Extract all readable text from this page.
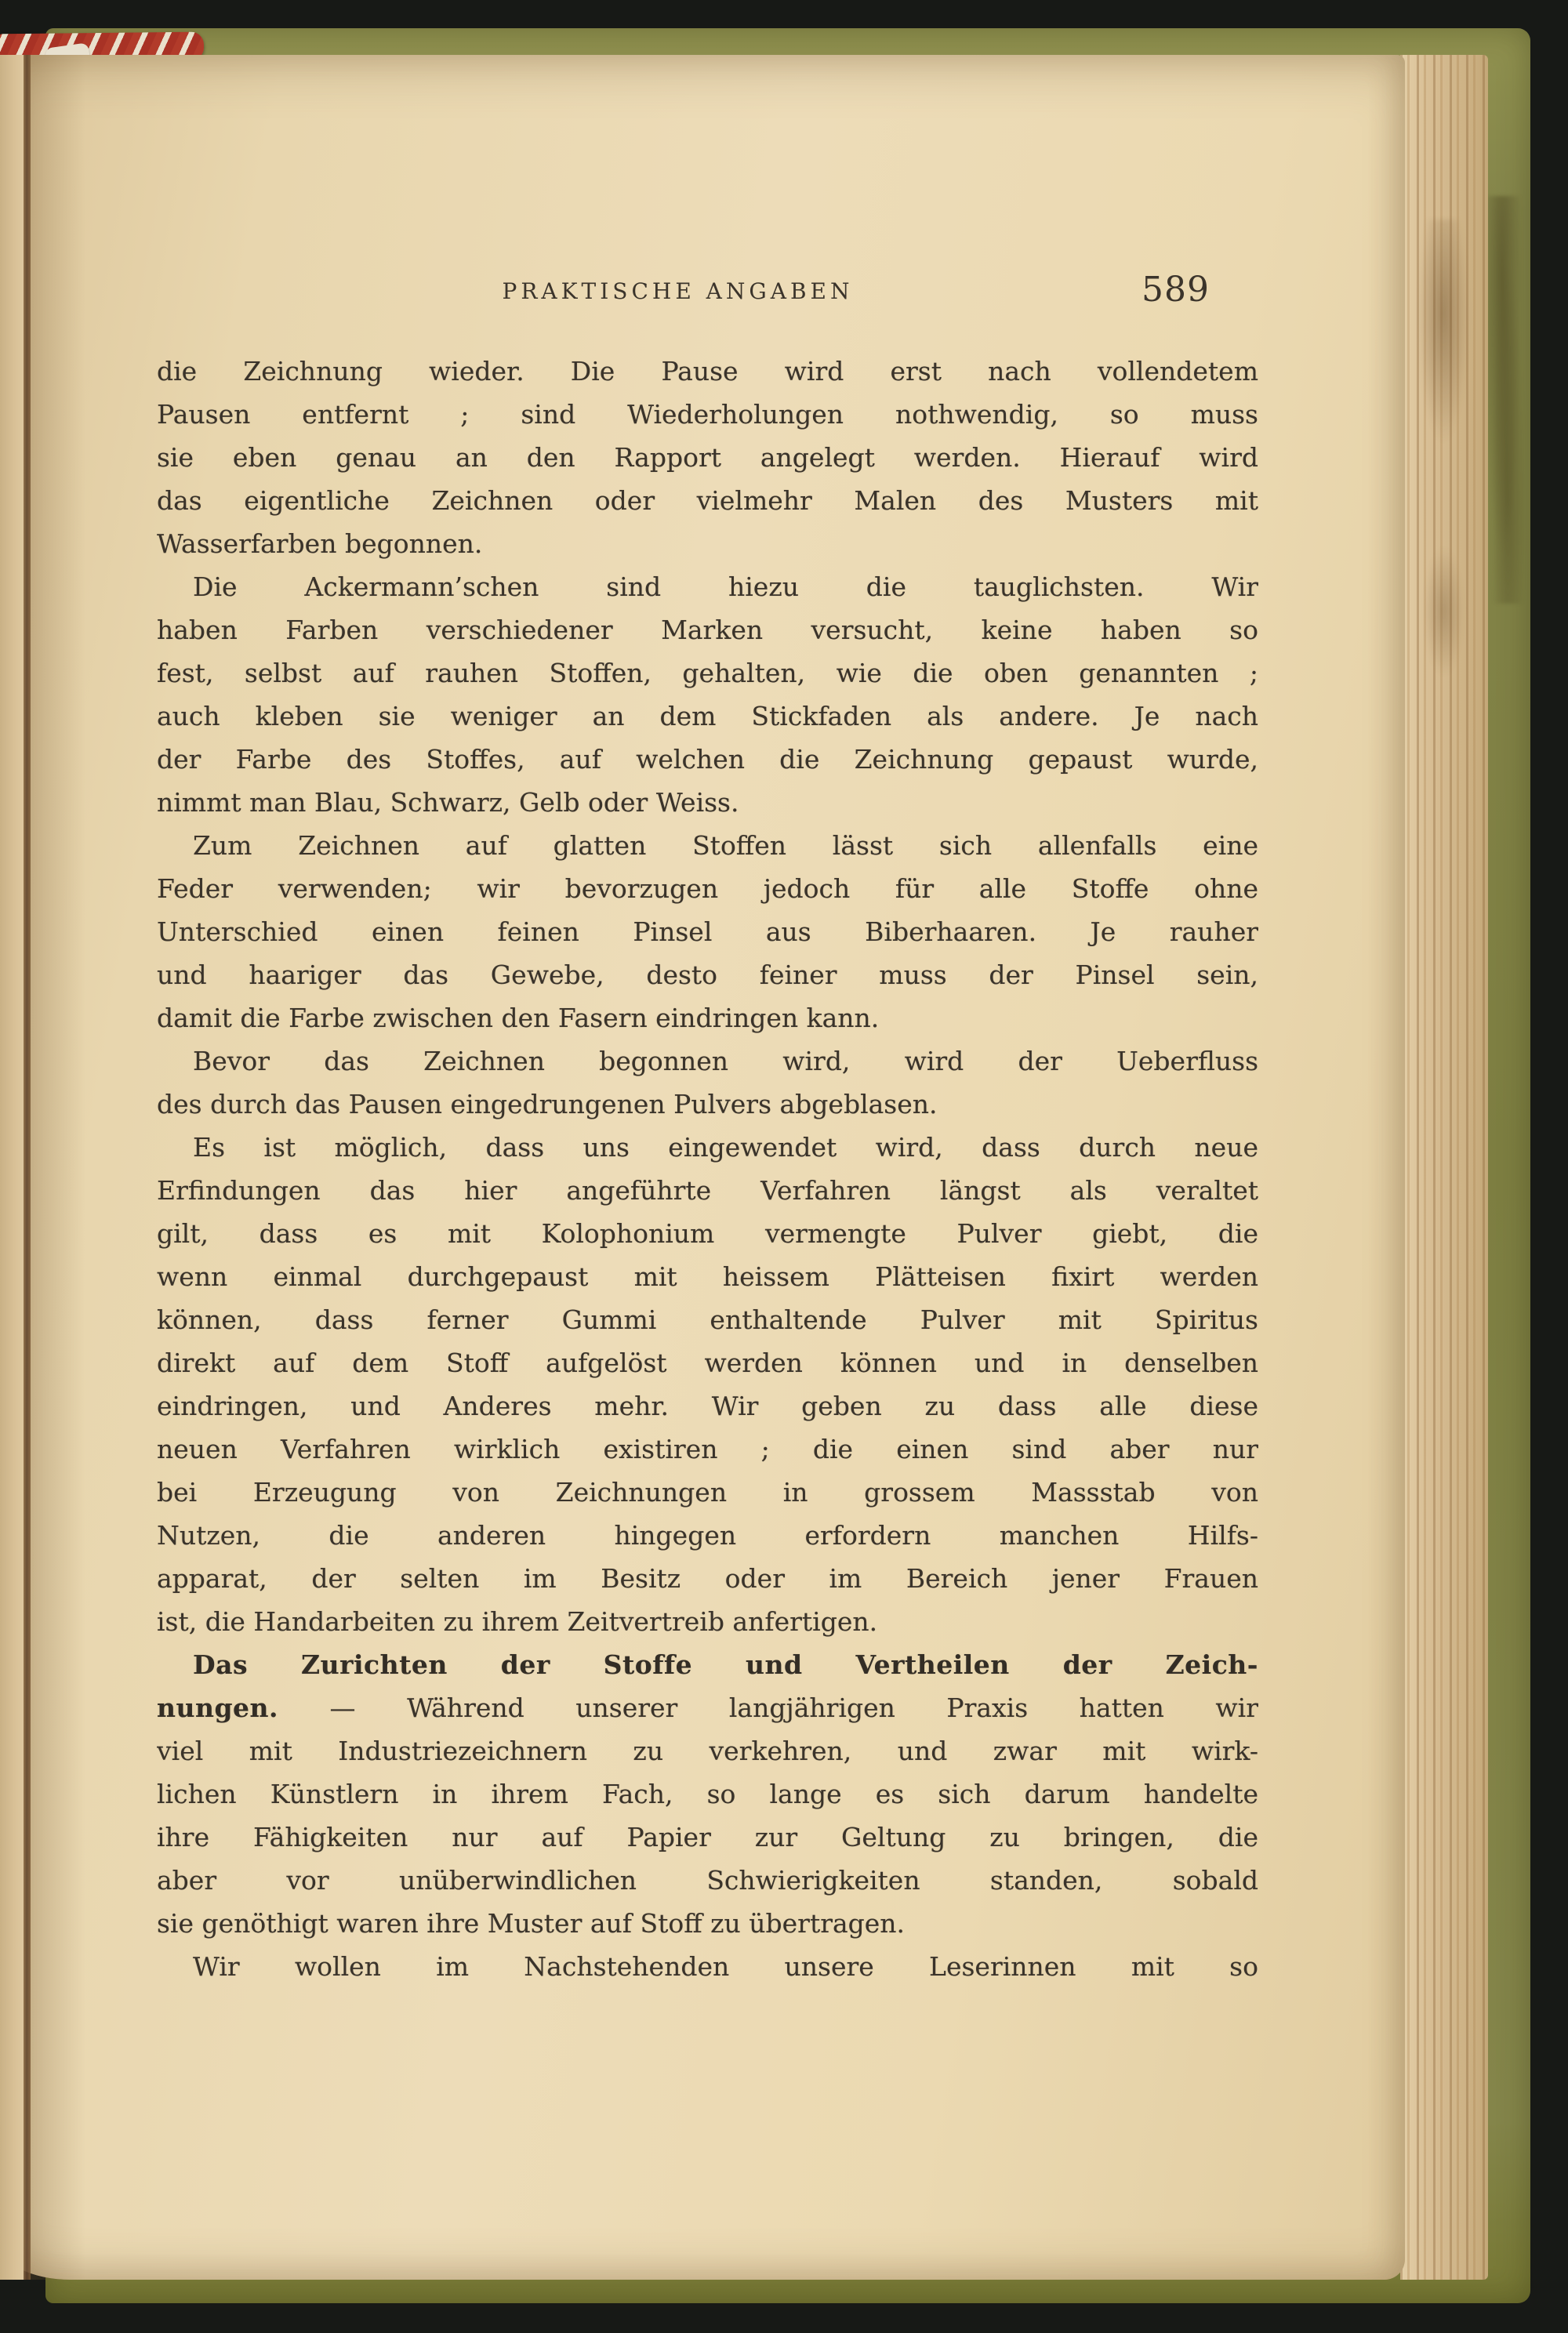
PRAKTISCHE ANGABEN	589
die Zeichnung wieder. Die Pause wird erst nach vollendetem
Pausen entfernt ; sind Wiederholungen nothwendig, so muss
sie eben genau an den Rapport angelegt werden. Hierauf wird
das eigentliche Zeichnen oder vielmehr Malen des Musters mit
Wasserfarben begonnen.
Die Ackermann’schen sind hiezu die tauglichsten. Wir
haben Farben verschiedener Marken versucht, keine haben so
fest, selbst auf rauhen Stoffen, gehalten, wie die oben genannten ;
auch kleben sie weniger an dem Stickfaden als andere. Je nach
der Farbe des Stoffes, auf welchen die Zeichnung gepaust wurde,
nimmt man Blau, Schwarz, Gelb oder Weiss.
Zum Zeichnen auf glatten Stoffen lässt sich allenfalls eine
Feder verwenden; wir bevorzugen jedoch für alle Stoffe ohne
Unterschied einen feinen Pinsel aus Biberhaaren. Je rauher
und haariger das Gewebe, desto feiner muss der Pinsel sein,
damit die Farbe zwischen den Fasern eindringen kann.
Bevor das Zeichnen begonnen wird, wird der Ueberfluss
des durch das Pausen eingedrungenen Pulvers abgeblasen.
Es ist möglich, dass uns eingewendet wird, dass durch neue
Erfindungen das hier angeführte Verfahren längst als veraltet
gilt, dass es mit Kolophonium vermengte Pulver giebt, die
wenn einmal durchgepaust mit heissem Plätteisen fixirt werden
können, dass ferner Gummi enthaltende Pulver mit Spiritus
direkt auf dem Stoff aufgelöst werden können und in denselben
eindringen, und Anderes mehr. Wir geben zu dass alle diese
neuen Verfahren wirklich existiren ; die einen sind aber nur
bei Erzeugung von Zeichnungen in grossem Massstab von
Nutzen, die anderen hingegen erfordern manchen Hilfs-
apparat, der selten im Besitz oder im Bereich jener Frauen
ist, die Handarbeiten zu ihrem Zeitvertreib anfertigen.
Das Zurichten der Stoffe und Vertheilen der Zeich-
nungen. — Während unserer langjährigen Praxis hatten wir
viel mit Industriezeichnern zu verkehren, und zwar mit wirk-
lichen Künstlern in ihrem Fach, so lange es sich darum handelte
ihre Fähigkeiten nur auf Papier zur Geltung zu bringen, die
aber vor unüberwindlichen Schwierigkeiten standen, sobald
sie genöthigt waren ihre Muster auf Stoff zu übertragen.
Wir wollen im Nachstehenden unsere Leserinnen mit so
